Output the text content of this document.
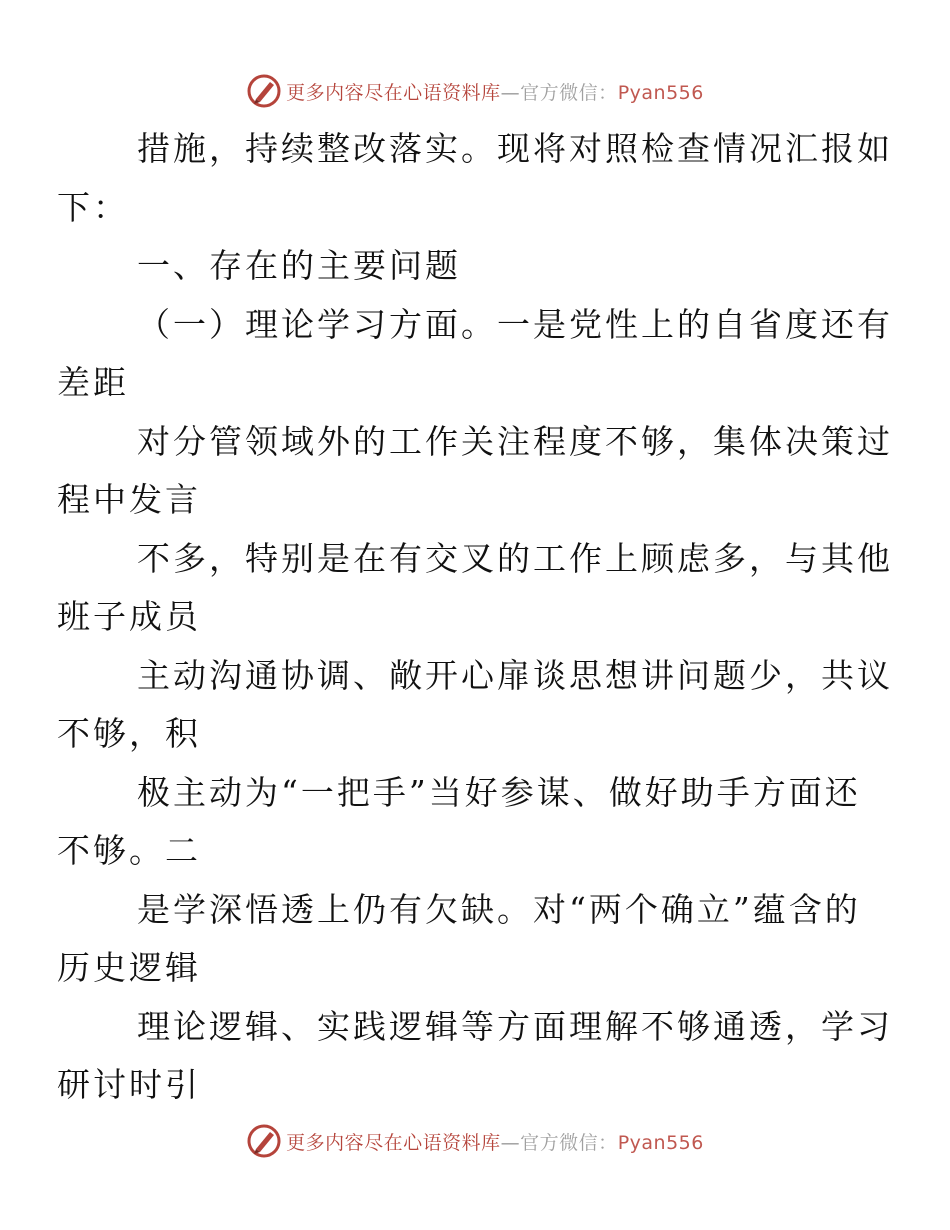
更多内容尽在心语资料库—官方微信：Pyan556

措施，持续整改落实。现将对照检查情况汇报如
下：

一、存在的主要问题

（一）理论学习方面。一是党性上的自省度还有
差距

对分管领域外的工作关注程度不够，集体决策过
程中发言

不多，特别是在有交叉的工作上顾虑多，与其他
班子成员

主动沟通协调、敞开心扉谈思想讲问题少，共议
不够，积

极主动为“一把手”当好参谋、做好助手方面还
不够。二

是学深悟透上仍有欠缺。对“两个确立”蕴含的
历史逻辑

理论逻辑、实践逻辑等方面理解不够通透，学习
研讨时引

更多内容尽在心语资料库—官方微信：Pyan556
